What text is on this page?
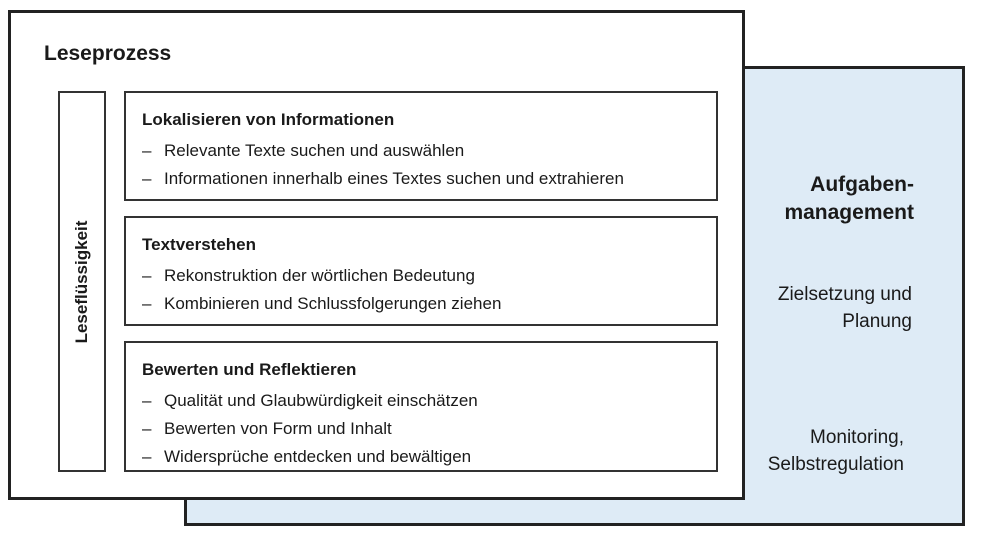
Aufgaben-
management
Zielsetzung und
Planung
Monitoring,
Selbstregulation
Leseprozess
Leseflüssigkeit
Lokalisieren von Informationen
– Relevante Texte suchen und auswählen
– Informationen innerhalb eines Textes suchen und extrahieren
Textverstehen
– Rekonstruktion der wörtlichen Bedeutung
– Kombinieren und Schlussfolgerungen ziehen
Bewerten und Reflektieren
– Qualität und Glaubwürdigkeit einschätzen
– Bewerten von Form und Inhalt
– Widersprüche entdecken und bewältigen
